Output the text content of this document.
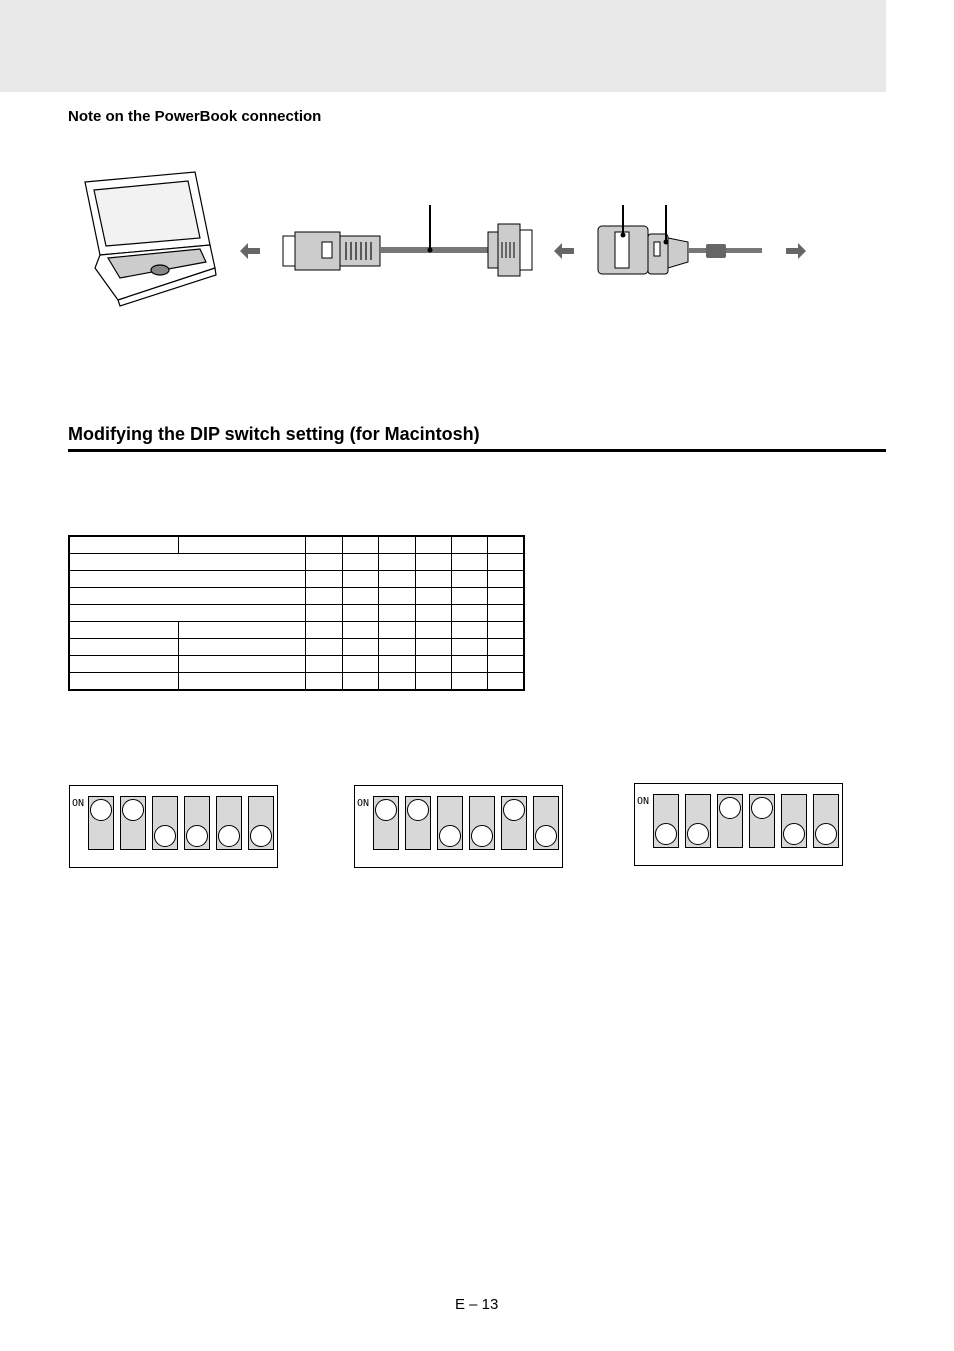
Note on the PowerBook connection
Modifying the DIP switch setting (for Macintosh)

ON	ON	ON
E – 13
